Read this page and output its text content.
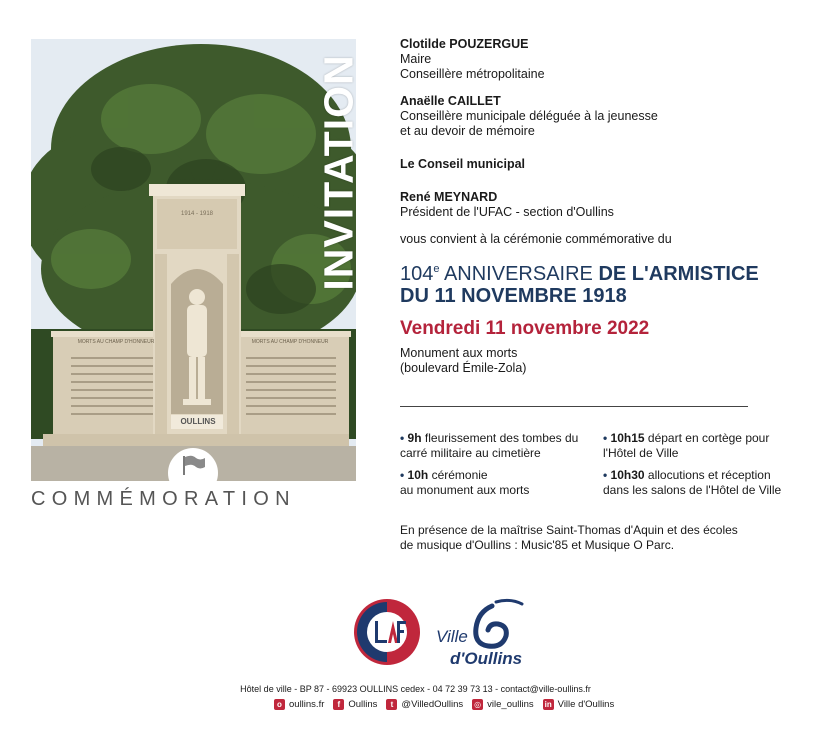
OULLINS
1914 - 1918
MORTS AU CHAMP D'HONNEUR	MORTS AU CHAMP D'HONNEUR
INVITATION
COMMÉMORATION
Clotilde POUZERGUE
Maire
Conseillère métropolitaine
Anaëlle CAILLET
Conseillère municipale déléguée à la jeunesse
et au devoir de mémoire
Le Conseil municipal
René MEYNARD
Président de l'UFAC - section d'Oullins
vous convient à la cérémonie commémorative du
104e ANNIVERSAIRE DE L'ARMISTICE
DU 11 NOVEMBRE 1918
Vendredi 11 novembre 2022
Monument aux morts
(boulevard Émile-Zola)
• 9h fleurissement des tombes du
carré militaire au cimetière
• 10h cérémonie
au monument aux morts
• 10h15 départ en cortège pour
l'Hôtel de Ville
• 10h30 allocutions et réception
dans les salons de l'Hôtel de Ville
En présence de la maîtrise Saint-Thomas d'Aquin et des écoles
de musique d'Oullins : Music'85 et Musique O Parc.
UFAC
Ville
d'Oullins
Hôtel de ville - BP 87 - 69923 OULLINS cedex - 04 72 39 73 13 - contact@ville-oullins.fr
o oullins.fr	f Oullins	t @VilledOullins ◎ vile_oullins in Ville d'Oullins
